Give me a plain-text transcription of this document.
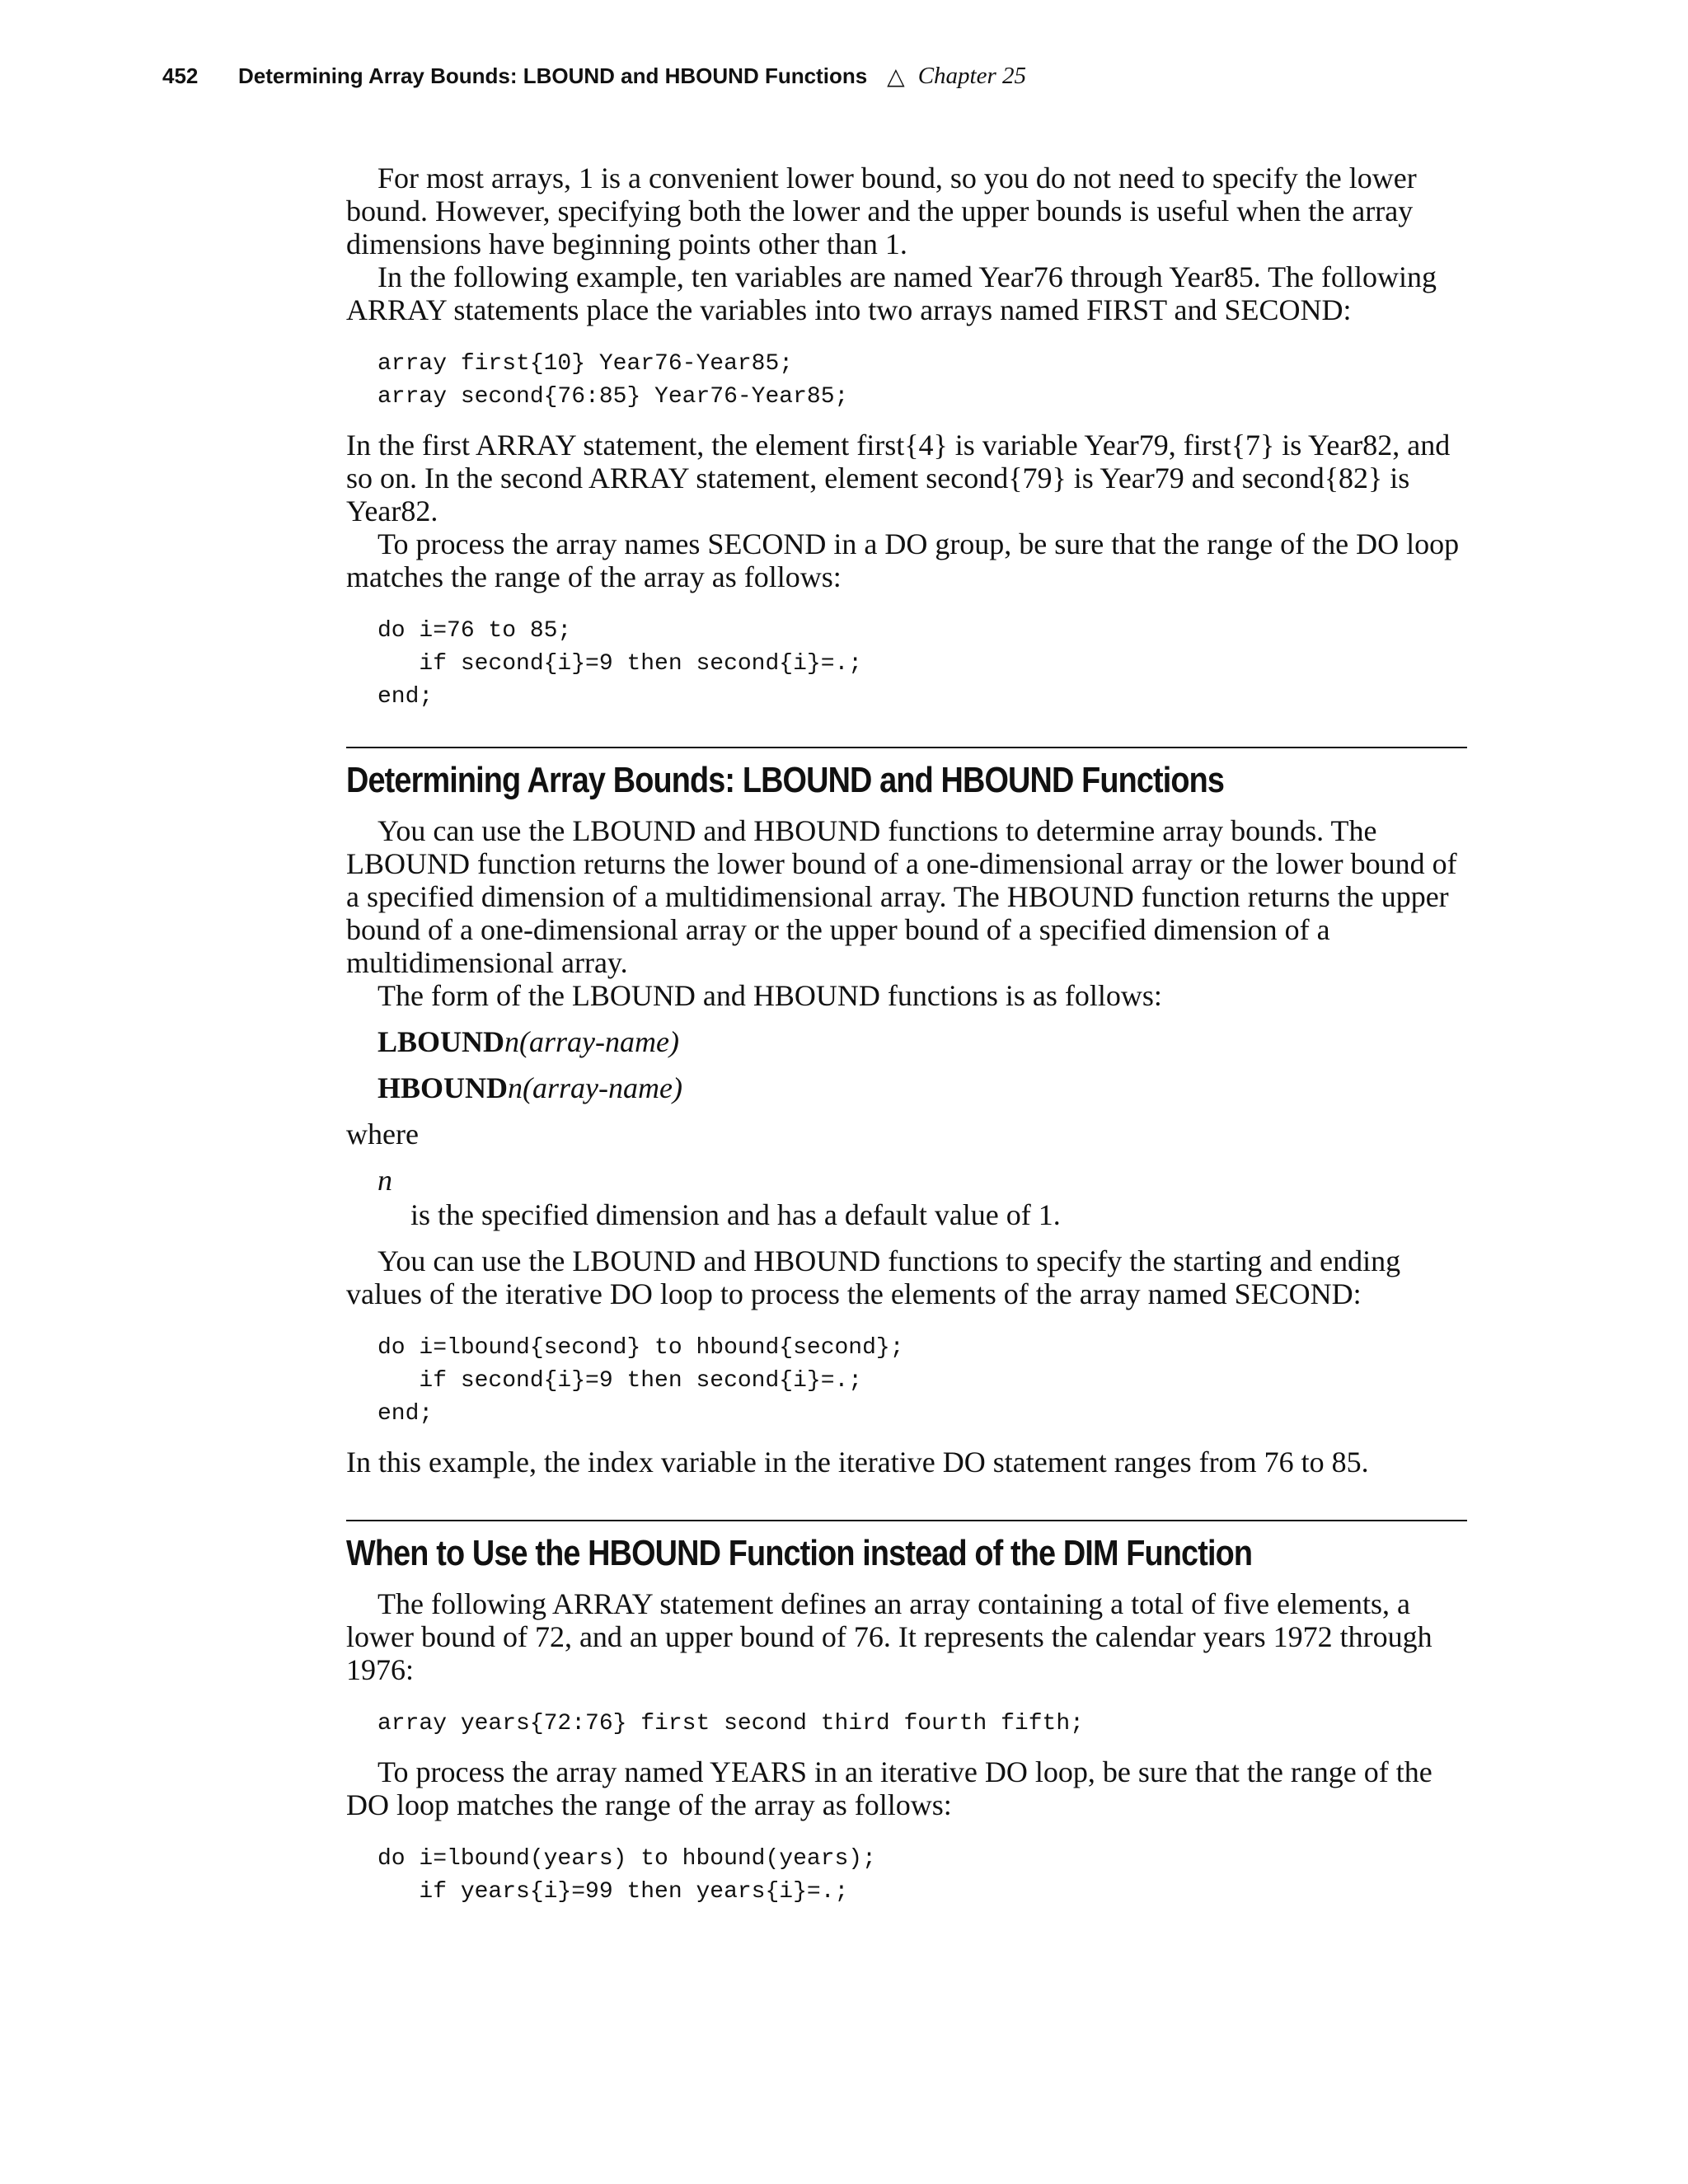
452	Determining Array Bounds: LBOUND and HBOUND Functions △ Chapter 25

For most arrays, 1 is a convenient lower bound, so you do not need to specify the lower bound. However, specifying both the lower and the upper bounds is useful when the array dimensions have beginning points other than 1.

In the following example, ten variables are named Year76 through Year85. The following ARRAY statements place the variables into two arrays named FIRST and SECOND:

array first{10} Year76-Year85;
array second{76:85} Year76-Year85;

In the first ARRAY statement, the element first{4} is variable Year79, first{7} is Year82, and so on. In the second ARRAY statement, element second{79} is Year79 and second{82} is Year82.

To process the array names SECOND in a DO group, be sure that the range of the DO loop matches the range of the array as follows:

do i=76 to 85;
if second{i}=9 then second{i}=.;
end;
Determining Array Bounds: LBOUND and HBOUND Functions

You can use the LBOUND and HBOUND functions to determine array bounds. The LBOUND function returns the lower bound of a one-dimensional array or the lower bound of a specified dimension of a multidimensional array. The HBOUND function returns the upper bound of a one-dimensional array or the upper bound of a specified dimension of a multidimensional array.

The form of the LBOUND and HBOUND functions is as follows:

LBOUNDn(array-name)
HBOUNDn(array-name)

where

n
is the specified dimension and has a default value of 1.

You can use the LBOUND and HBOUND functions to specify the starting and ending values of the iterative DO loop to process the elements of the array named SECOND:

do i=lbound{second} to hbound{second};
if second{i}=9 then second{i}=.;
end;

In this example, the index variable in the iterative DO statement ranges from 76 to 85.

When to Use the HBOUND Function instead of the DIM Function

The following ARRAY statement defines an array containing a total of five elements, a lower bound of 72, and an upper bound of 76. It represents the calendar years 1972 through 1976:

array years{72:76} first second third fourth fifth;

To process the array named YEARS in an iterative DO loop, be sure that the range of the DO loop matches the range of the array as follows:

do i=lbound(years) to hbound(years);
if years{i}=99 then years{i}=.;
